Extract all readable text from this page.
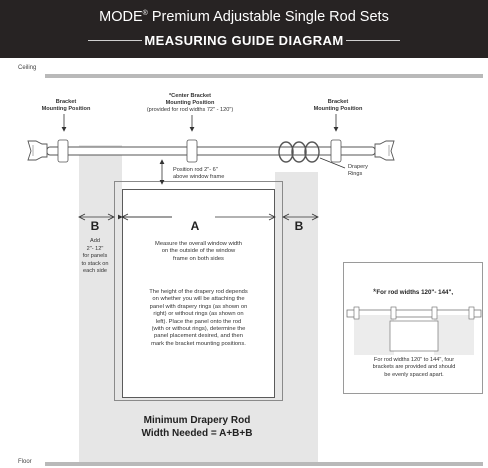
MODE® Premium Adjustable Single Rod Sets
MEASURING GUIDE DIAGRAM
Ceiling
Floor
Bracket
Mounting Position
*Center Bracket
Mounting Position
(provided for rod widths 72" - 120")
Bracket
Mounting Position
Drapery
Rings
Position rod 2"- 6"
above window frame
A
B	B
Add
2"- 12"
for panels
to stack on
each side
Measure the overall window width
on the outside of the window
frame on both sides
The height of the drapery rod depends
on whether you will be attaching the
panel with drapery rings (as shown on
right) or without rings (as shown on
left). Place the panel onto the rod
(with or without rings), determine the
panel placement desired, and then
mark the bracket mounting positions.
Minimum Drapery Rod
Width Needed = A+B+B
*For rod widths 120"- 144",
For rod widths 120" to 144", four
brackets are provided and should
be evenly spaced apart.
